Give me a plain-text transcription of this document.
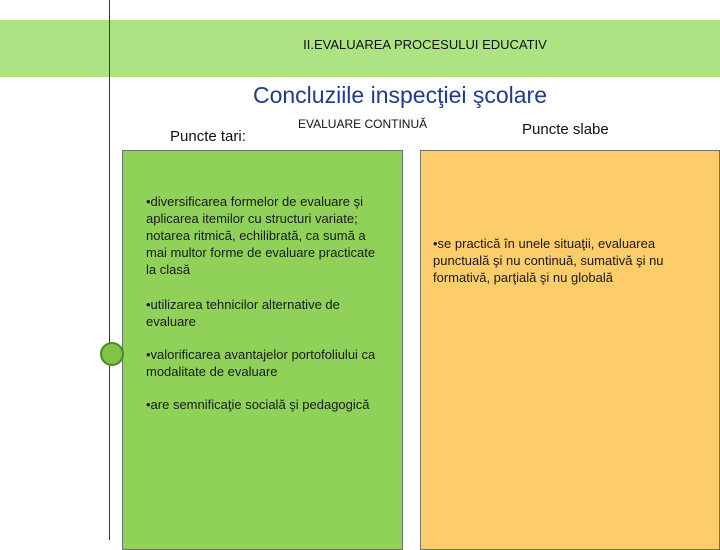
II.EVALUAREA PROCESULUI EDUCATIV
Concluziile inspecţiei şcolare
Puncte tari:
EVALUARE CONTINUĂ	Puncte slabe
•diversificarea formelor de evaluare şi aplicarea itemilor cu structuri variate; notarea ritmică, echilibrată, ca sumă a mai multor forme de evaluare practicate la clasă
•utilizarea tehnicilor alternative de evaluare
•valorificarea avantajelor portofoliului ca modalitate de evaluare
•are semnificaţie socială şi pedagogică
•se practică în unele situaţii, evaluarea punctuală şi nu continuă, sumativă şi nu formativă, parţială şi nu globală
